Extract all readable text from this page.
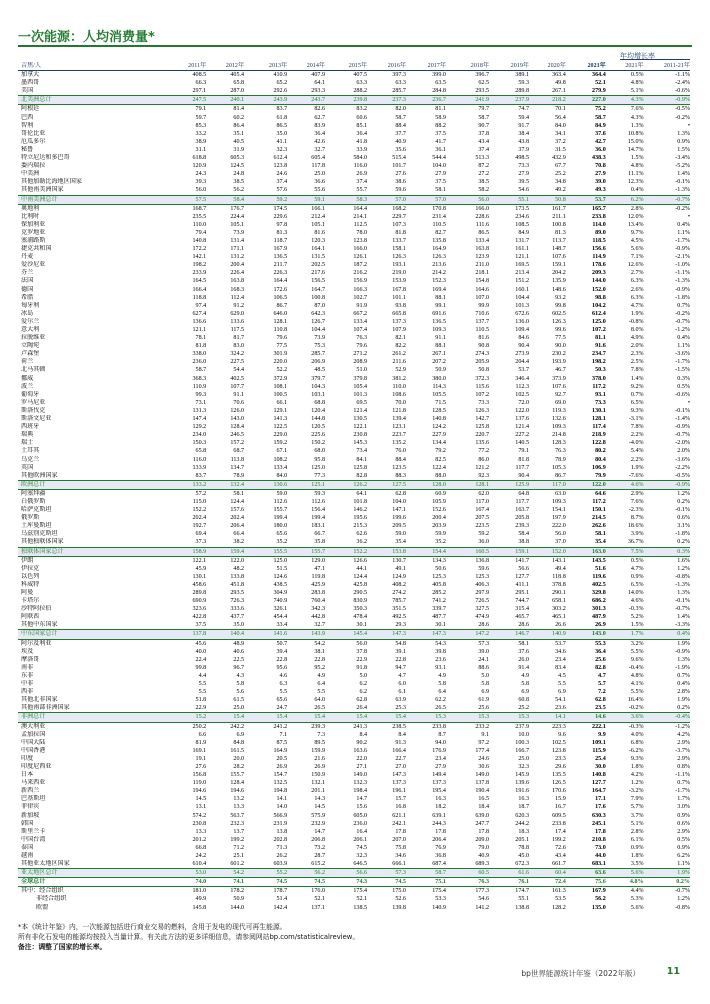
一次能源：人均消费量*
年均增长率
吉焦/人	2011年	2012年	2013年	2014年	2015年	2016年	2017年	2018年	2019年	2020年	2021年	2021年	2011-21年
加拿大	408.5	405.4	410.9	407.9	407.5	397.3	399.0	396.7	389.1	363.4	364.4	0.5%	-1.1%
墨西哥	66.3	65.8	65.2	64.1	63.3	63.3	63.5	62.5	59.3	49.8	52.1	4.8%	-2.4%
美国	297.1	287.0	292.6	293.3	288.2	285.7	284.8	293.5	289.8	267.1	279.9	5.1%	-0.6%
北美洲总计	247.5	240.1	243.9	243.7	239.8	237.3	236.7	241.9	237.9	218.2	227.0	4.3%	-0.9%
阿根廷	79.1	81.4	83.7	82.6	83.2	82.0	81.1	79.7	74.7	70.1	75.2	7.6%	-0.5%
巴西	59.7	60.2	61.8	62.7	60.6	58.7	58.9	58.7	59.4	56.4	58.7	4.3%	-0.2%
智利	85.3	86.4	86.5	83.9	85.1	88.4	88.2	90.7	91.7	84.0	84.9	1.3%	•
哥伦比亚	33.2	35.1	35.0	36.4	36.4	37.7	37.5	37.8	38.4	34.1	37.6	10.8%	1.3%
厄瓜多尔	38.9	40.5	41.1	42.6	41.8	40.9	41.7	43.4	43.8	37.2	42.7	15.0%	0.9%
秘鲁	31.1	31.9	32.3	32.7	33.9	35.6	36.1	37.4	37.9	31.5	36.0	14.7%	1.5%
特立尼达和多巴哥	618.8	605.3	612.4	605.4	584.0	515.4	544.4	513.3	498.5	432.9	438.3	1.5%	-3.4%
委内瑞拉	120.9	124.5	123.8	117.8	116.0	101.7	104.0	87.2	73.3	67.7	70.8	4.8%	-5.2%
中美洲	24.3	24.8	24.6	25.0	26.9	27.6	27.9	27.2	27.9	25.2	27.9	11.1%	1.4%
其他加勒比海地区国家	39.3	38.5	37.4	36.6	37.4	38.6	37.5	38.5	39.5	34.8	39.0	12.3%	-0.1%
其他南美洲国家	56.0	56.2	57.6	55.6	55.7	59.6	58.1	58.2	54.6	49.2	49.3	0.4%	-1.3%
中南美洲总计	57.5	58.4	59.2	59.1	58.3	57.0	57.0	56.0	55.1	50.8	53.7	6.2%	-0.7%
奥地利	168.7	176.7	174.5	166.1	164.4	168.2	170.8	166.0	173.5	161.7	165.7	2.8%	-0.2%
比利时	235.5	224.4	229.6	212.4	214.1	229.7	231.4	228.6	234.6	211.1	233.8	12.0%	•
保加利亚	110.0	105.1	97.8	105.1	112.5	107.3	110.5	111.6	108.5	100.8	114.0	13.4%	0.4%
克罗地亚	79.4	73.9	81.3	81.6	78.0	81.8	82.7	86.5	84.9	81.3	89.0	9.7%	1.1%
塞浦路斯	140.8	131.4	118.7	120.3	123.8	133.7	135.8	133.4	131.7	113.7	118.5	4.5%	-1.7%
捷克共和国	172.2	171.1	167.9	164.1	166.0	158.1	164.9	163.8	161.1	148.7	156.6	5.6%	-0.9%
丹麦	142.1	131.2	136.5	131.5	126.1	126.3	126.3	123.9	121.1	107.6	114.9	7.1%	-2.1%
爱沙尼亚	198.2	200.4	211.7	202.5	187.2	193.1	213.6	211.0	169.5	159.1	178.6	12.6%	-1.0%
芬兰	233.9	226.4	226.3	217.6	216.2	219.0	214.2	218.1	213.4	204.2	209.3	2.7%	-1.1%
法国	164.5	163.8	164.4	156.5	156.9	153.9	152.3	154.8	151.2	135.9	144.0	6.3%	-1.3%
德国	166.4	168.3	172.6	164.7	166.3	167.8	169.4	164.6	160.1	148.6	152.0	2.6%	-0.9%
希腊	118.8	112.4	106.5	100.8	102.7	101.1	88.1	107.0	104.4	93.2	98.8	6.3%	-1.8%
匈牙利	97.4	91.2	86.7	87.0	91.9	93.8	99.1	99.9	101.3	99.8	104.2	4.7%	0.7%
冰岛	627.4	629.0	646.0	642.3	667.2	665.8	691.6	710.6	672.6	602.5	612.4	1.9%	-0.2%
爱尔兰	136.6	133.6	128.1	126.7	133.4	137.3	136.5	137.7	136.0	126.3	125.0	-0.8%	-0.7%
意大利	121.1	117.5	110.8	104.4	107.4	107.9	109.3	110.5	109.4	99.6	107.2	8.0%	-1.2%
拉脱维亚	78.1	81.7	79.6	73.9	76.3	82.1	91.1	81.6	84.6	77.5	81.1	4.9%	0.4%
立陶宛	81.8	83.0	77.5	75.3	79.6	82.2	88.1	90.8	90.4	90.0	91.6	2.0%	1.1%
卢森堡	338.0	324.2	301.9	285.7	271.2	261.2	267.1	274.3	273.9	230.2	234.7	2.3%	-3.6%
荷兰	236.0	227.5	220.0	206.9	208.9	211.6	207.2	205.9	204.4	193.9	198.2	2.5%	-1.7%
北马其顿	58.7	54.4	52.2	48.5	51.0	52.9	50.9	50.8	53.7	46.7	50.3	7.8%	-1.5%
挪威	368.3	402.5	372.9	379.7	379.8	381.2	380.0	372.3	346.4	373.9	378.0	1.4%	0.3%
波兰	110.9	107.7	108.1	104.3	105.4	110.0	114.3	115.6	112.3	107.6	117.2	9.2%	0.5%
葡萄牙	99.3	91.1	100.5	103.1	101.3	108.6	105.5	107.2	102.5	92.7	93.1	0.7%	-0.6%
罗马尼亚	73.1	70.6	66.1	68.8	69.5	70.0	71.5	73.3	72.0	69.0	73.3	6.5%	•
斯洛伐克	131.3	126.0	129.1	120.4	121.4	121.8	128.5	126.3	122.0	119.3	130.1	9.3%	-0.1%
斯洛文尼亚	147.4	143.0	141.3	144.8	130.5	139.4	140.8	142.7	137.6	132.6	128.1	-3.1%	-1.4%
西班牙	129.2	128.4	122.5	120.5	122.1	123.1	124.2	125.8	121.4	109.3	117.4	7.8%	-0.9%
瑞典	234.0	246.5	229.0	225.6	230.8	223.7	227.9	220.7	227.2	214.8	218.9	2.2%	-0.7%
瑞士	150.3	157.2	159.2	150.2	145.3	135.2	134.4	135.6	140.5	128.3	122.8	-4.0%	-2.0%
土耳其	65.8	68.7	67.1	68.0	73.4	76.0	79.2	77.2	79.1	76.3	80.2	5.4%	2.0%
乌克兰	116.0	113.8	108.2	95.8	84.1	88.4	82.5	86.0	81.8	78.9	80.4	2.2%	-3.6%
英国	133.9	134.7	133.4	125.0	125.8	123.5	122.4	121.2	117.7	105.3	106.9	1.9%	-2.2%
其他欧洲国家	83.7	78.9	84.0	77.3	82.8	88.3	88.0	92.3	90.4	86.7	79.9	-7.6%	-0.5%
欧洲总计	133.2	132.4	130.6	125.1	126.2	127.5	128.0	128.1	125.9	117.0	122.0	4.6%	-0.9%
阿塞拜疆	57.2	58.1	59.0	59.3	64.1	62.8	60.9	62.0	64.8	63.0	64.6	2.9%	1.2%
白俄罗斯	115.0	124.4	112.6	112.6	101.8	104.0	105.9	117.0	117.7	109.3	117.2	7.6%	0.2%
哈萨克斯坦	152.2	157.6	155.7	156.4	146.2	147.1	152.6	167.4	163.7	154.1	150.1	-2.3%	-0.1%
俄罗斯	202.4	202.4	199.4	199.4	195.6	199.6	200.4	207.5	205.8	197.9	214.5	8.7%	0.6%
土库曼斯坦	192.7	206.4	180.0	183.1	215.3	209.5	203.9	223.5	239.3	222.0	262.6	18.6%	3.1%
乌兹别克斯坦	69.4	66.4	65.6	66.7	62.6	59.0	59.9	59.2	58.4	56.0	58.1	3.9%	-1.8%
其他独联体国家	37.3	38.2	35.2	35.8	36.2	35.4	35.2	36.0	38.8	37.0	35.4	36.7%	0.2%
独联体国家总计	158.9	159.4	155.5	155.7	152.2	153.8	154.4	160.5	159.1	152.0	163.0	7.5%	0.3%
伊朗	122.1	122.0	125.0	129.0	126.6	130.7	134.3	136.8	141.7	143.1	143.5	0.5%	1.6%
伊拉克	45.9	48.2	51.5	47.1	44.1	49.1	50.6	59.6	56.6	49.4	51.6	4.7%	1.2%
以色列	130.1	133.8	124.6	119.8	124.4	124.9	125.3	125.3	127.7	118.8	119.6	0.9%	-0.8%
科威特	458.6	451.8	438.5	425.9	425.8	408.2	405.8	406.3	411.1	378.8	402.5	6.5%	-1.3%
阿曼	289.8	293.5	304.9	283.8	290.5	274.2	285.2	297.9	295.1	290.1	329.8	14.0%	1.3%
卡塔尔	690.9	726.3	740.9	760.4	830.9	785.7	741.2	726.5	744.7	658.1	686.2	4.6%	-0.1%
沙特阿拉伯	323.6	333.6	326.1	342.3	350.3	351.5	339.7	327.5	315.4	303.2	301.3	-0.3%	-0.7%
阿联酋	422.8	437.7	454.4	442.8	478.4	492.5	487.7	474.9	465.7	465.1	487.9	5.2%	1.4%
其他中东国家	37.5	35.0	33.4	32.7	30.1	29.3	30.1	28.6	28.6	26.6	26.9	1.5%	-3.3%
中东国家总计	137.8	140.4	141.6	143.9	145.4	147.3	147.3	147.2	146.7	140.9	143.0	1.7%	0.4%
阿尔及利亚	45.6	48.9	50.7	54.2	56.0	54.8	54.3	57.3	58.1	53.7	55.3	3.2%	1.9%
埃及	40.0	40.6	39.4	38.1	37.8	39.1	39.8	39.0	37.6	34.6	36.4	5.5%	-0.9%
摩洛哥	22.4	22.5	22.8	22.8	22.9	22.8	23.6	24.1	26.0	23.4	25.6	9.6%	1.3%
南非	99.8	96.7	95.6	95.2	91.8	94.7	93.1	88.6	91.4	83.4	82.8	-0.4%	-1.9%
东非	4.4	4.3	4.6	4.9	5.0	4.7	4.9	5.0	4.9	4.5	4.7	4.8%	0.7%
中非	5.5	5.8	6.3	6.4	6.2	6.0	5.8	5.8	5.8	5.5	5.7	4.1%	0.4%
西非	5.5	5.6	5.5	5.5	6.2	6.1	6.4	6.9	6.9	6.9	7.2	5.5%	2.8%
其他北非国家	51.8	61.5	65.6	64.0	62.8	63.9	62.2	61.9	60.8	54.1	62.8	16.4%	1.9%
其他南部非洲国家	22.9	25.0	24.7	26.5	26.4	25.3	26.5	25.6	25.2	23.6	23.5	-0.2%	0.2%
非洲总计	15.2	15.4	15.4	15.4	15.4	15.4	15.3	15.3	15.3	14.1	14.6	3.6%	-0.4%
澳大利亚	250.2	242.2	241.2	239.3	241.3	238.5	233.8	233.2	237.9	223.3	222.1	-0.3%	-1.2%
孟加拉国	6.6	6.9	7.1	7.3	8.4	8.4	8.7	9.1	10.0	9.6	9.9	4.0%	4.2%
中国大陆	81.9	84.8	87.5	89.5	90.2	91.3	94.0	97.2	100.3	102.5	109.1	6.8%	2.9%
中国香港	169.1	161.5	164.9	159.9	163.6	166.4	176.9	177.4	166.7	123.8	115.9	-6.2%	-3.7%
印度	19.1	20.0	20.5	21.6	22.0	22.7	23.4	24.6	25.0	23.3	25.4	9.3%	2.9%
印度尼西亚	27.6	28.2	26.9	26.9	27.1	27.0	27.9	30.6	32.3	29.6	30.0	1.8%	0.8%
日本	156.8	155.7	154.7	150.9	149.0	147.3	149.4	149.0	145.9	135.5	140.8	4.2%	-1.1%
马来西亚	119.0	128.4	132.5	132.1	132.3	137.3	137.3	137.8	139.6	126.5	127.7	1.2%	0.7%
新西兰	194.6	194.6	194.8	201.1	198.4	196.1	195.4	190.4	191.6	170.6	164.7	-3.2%	-1.7%
巴基斯坦	14.5	13.2	14.1	14.3	14.7	15.7	16.3	16.5	16.3	15.9	17.1	7.9%	1.7%
菲律宾	13.1	13.3	14.0	14.5	15.6	16.8	18.2	18.4	18.7	16.7	17.6	5.7%	3.0%
新加坡	574.2	563.7	566.9	575.9	605.0	621.1	639.1	639.0	620.3	609.5	630.3	3.7%	0.9%
韩国	230.8	232.3	231.9	232.9	236.0	242.1	244.3	247.7	244.2	233.8	245.1	5.1%	0.6%
斯里兰卡	13.3	13.7	13.8	14.7	16.4	17.8	17.8	17.8	18.3	17.4	17.8	2.8%	2.9%
中国台湾	201.2	199.2	202.8	206.8	206.1	207.0	206.4	209.0	205.1	199.2	210.8	6.1%	0.5%
泰国	66.8	71.2	71.3	73.2	74.5	75.8	76.9	79.0	78.8	72.6	73.0	0.9%	0.9%
越南	24.2	25.1	26.2	28.7	32.3	34.6	36.8	40.9	45.0	43.4	44.0	1.8%	6.2%
其他亚太地区国家	610.4	601.2	603.9	615.2	646.5	666.1	687.4	689.3	672.3	661.7	683.1	3.5%	1.1%
亚太地区总计	53.0	54.2	55.2	56.2	56.6	57.3	58.7	60.5	61.6	60.4	63.6	5.6%	1.9%
全球总计	74.0	74.1	74.5	74.5	74.3	74.5	75.1	76.3	76.1	72.4	75.6	4.8%	0.2%
其中：经合组织	181.0	178.2	178.7	176.0	175.4	175.0	175.4	177.3	174.7	161.3	167.9	4.4%	-0.7%
非经合组织	49.9	50.9	51.4	52.1	52.1	52.6	53.3	54.6	55.1	53.5	56.2	5.3%	1.2%
欧盟	145.8	144.0	142.4	137.1	138.5	139.8	140.9	141.2	138.8	128.2	135.0	5.6%	-0.8%
*本《统计年鉴》内，一次能源包括进行商业交易的燃料，含用于发电的现代可再生能源。
所有非化石发电的能源均按投入当量计算。有关此方法的更多详细信息，请参阅网站bp.com/statisticalreview。
备注：调整了国家的增长率。
bp世界能源统计年鉴（2022年版）	11
